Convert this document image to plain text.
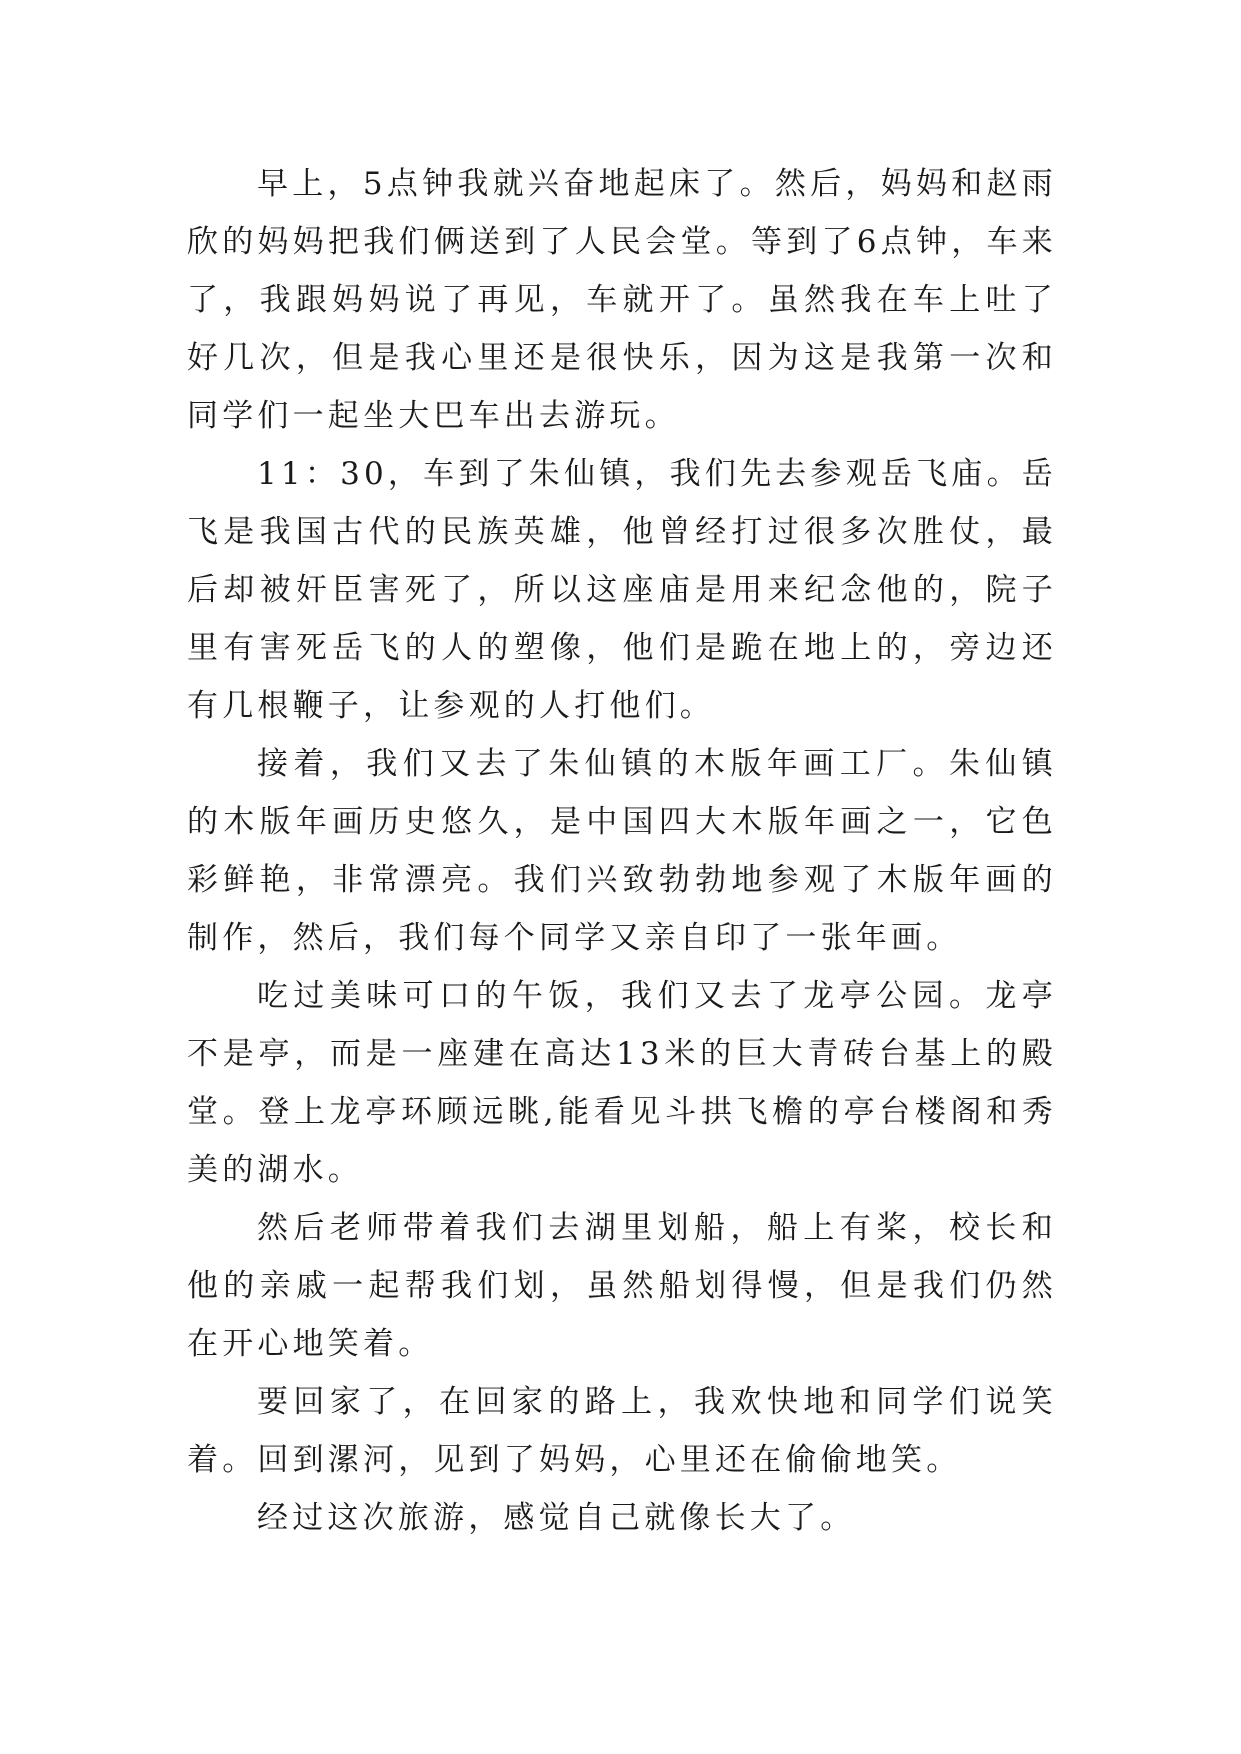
早上，5点钟我就兴奋地起床了。然后，妈妈和赵雨欣的妈妈把我们俩送到了人民会堂。等到了6点钟，车来了，我跟妈妈说了再见，车就开了。虽然我在车上吐了好几次，但是我心里还是很快乐，因为这是我第一次和同学们一起坐大巴车出去游玩。

11：30，车到了朱仙镇，我们先去参观岳飞庙。岳飞是我国古代的民族英雄，他曾经打过很多次胜仗，最后却被奸臣害死了，所以这座庙是用来纪念他的，院子里有害死岳飞的人的塑像，他们是跪在地上的，旁边还有几根鞭子，让参观的人打他们。

接着，我们又去了朱仙镇的木版年画工厂。朱仙镇的木版年画历史悠久，是中国四大木版年画之一，它色彩鲜艳，非常漂亮。我们兴致勃勃地参观了木版年画的制作，然后，我们每个同学又亲自印了一张年画。

吃过美味可口的午饭，我们又去了龙亭公园。龙亭不是亭，而是一座建在高达13米的巨大青砖台基上的殿堂。登上龙亭环顾远眺,能看见斗拱飞檐的亭台楼阁和秀美的湖水。

然后老师带着我们去湖里划船，船上有桨，校长和他的亲戚一起帮我们划，虽然船划得慢，但是我们仍然在开心地笑着。

要回家了，在回家的路上，我欢快地和同学们说笑着。回到漯河，见到了妈妈，心里还在偷偷地笑。

经过这次旅游，感觉自己就像长大了。
